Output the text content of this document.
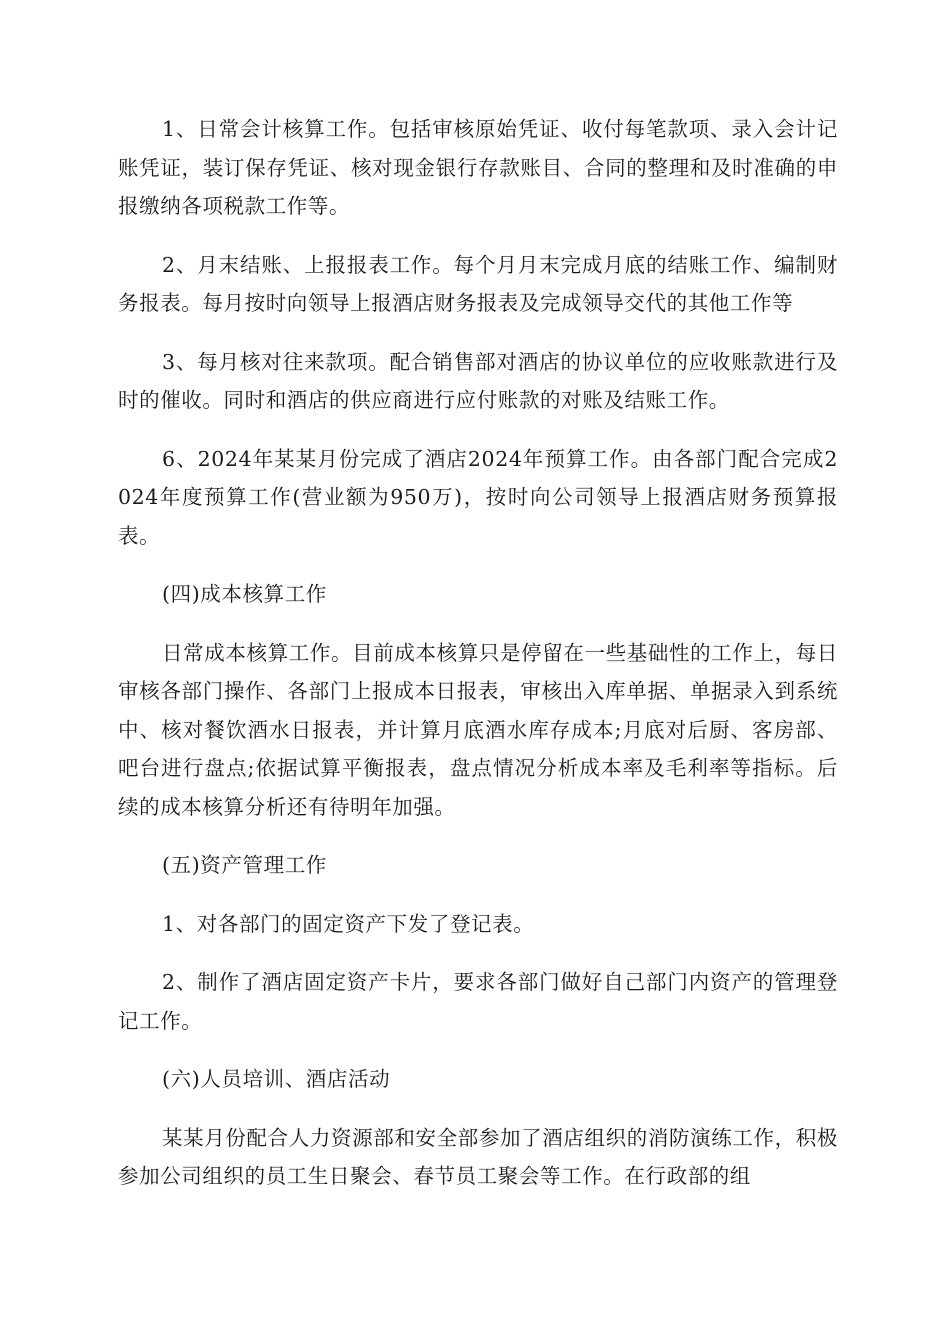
1、日常会计核算工作。包括审核原始凭证、收付每笔款项、录入会计记账凭证，装订保存凭证、核对现金银行存款账目、合同的整理和及时准确的申报缴纳各项税款工作等。

2、月末结账、上报报表工作。每个月月末完成月底的结账工作、编制财务报表。每月按时向领导上报酒店财务报表及完成领导交代的其他工作等

3、每月核对往来款项。配合销售部对酒店的协议单位的应收账款进行及时的催收。同时和酒店的供应商进行应付账款的对账及结账工作。

6、2024年某某月份完成了酒店2024年预算工作。由各部门配合完成2024年度预算工作(营业额为950万)，按时向公司领导上报酒店财务预算报表。

(四)成本核算工作

日常成本核算工作。目前成本核算只是停留在一些基础性的工作上，每日审核各部门操作、各部门上报成本日报表，审核出入库单据、单据录入到系统中、核对餐饮酒水日报表，并计算月底酒水库存成本;月底对后厨、客房部、吧台进行盘点;依据试算平衡报表，盘点情况分析成本率及毛利率等指标。后续的成本核算分析还有待明年加强。

(五)资产管理工作

1、对各部门的固定资产下发了登记表。

2、制作了酒店固定资产卡片，要求各部门做好自己部门内资产的管理登记工作。

(六)人员培训、酒店活动

某某月份配合人力资源部和安全部参加了酒店组织的消防演练工作，积极参加公司组织的员工生日聚会、春节员工聚会等工作。在行政部的组
